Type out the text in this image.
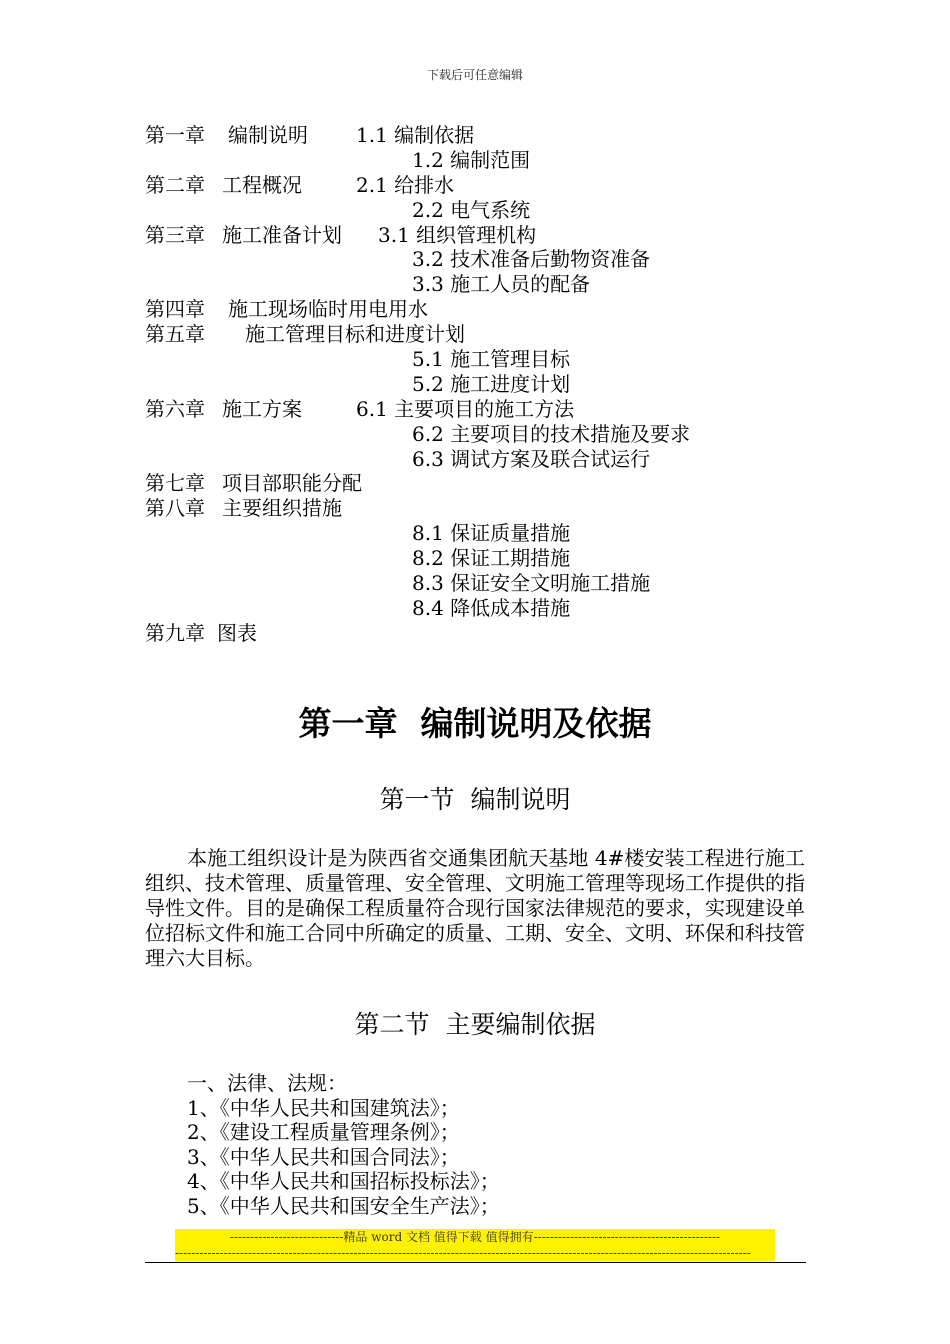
下载后可任意编辑
第一章 编制说明 1.1 编制依据
1.2 编制范围
第二章 工程概况	2.1 给排水
2.2 电气系统
第三章 施工准备计划 3.1 组织管理机构
3.2 技术准备后勤物资准备
3.3 施工人员的配备
第四章 施工现场临时用电用水
第五章 施工管理目标和进度计划
5.1 施工管理目标
5.2 施工进度计划
第六章 施工方案	6.1 主要项目的施工方法
6.2 主要项目的技术措施及要求
6.3 调试方案及联合试运行
第七章 项目部职能分配
第八章 主要组织措施
8.1 保证质量措施
8.2 保证工期措施
8.3 保证安全文明施工措施
8.4 降低成本措施
第九章 图表
第一章  编制说明及依据
第一节  编制说明
本施工组织设计是为陕西省交通集团航天基地 4#楼安装工程进行施工组织、技术管理、质量管理、安全管理、文明施工管理等现场工作提供的指导性文件。目的是确保工程质量符合现行国家法律规范的要求，实现建设单位招标文件和施工合同中所确定的质量、工期、安全、文明、环保和科技管理六大目标。
第二节  主要编制依据
一、法律、法规：
1、《中华人民共和国建筑法》；
2、《建设工程质量管理条例》；
3、《中华人民共和国合同法》；
4、《中华人民共和国招标投标法》；
5、《中华人民共和国安全生产法》；
----------------------------精品 word 文档 值得下载 值得拥有----------------------------------------------
----------------------------------------------------------------------------------------------------------------------------------------------
